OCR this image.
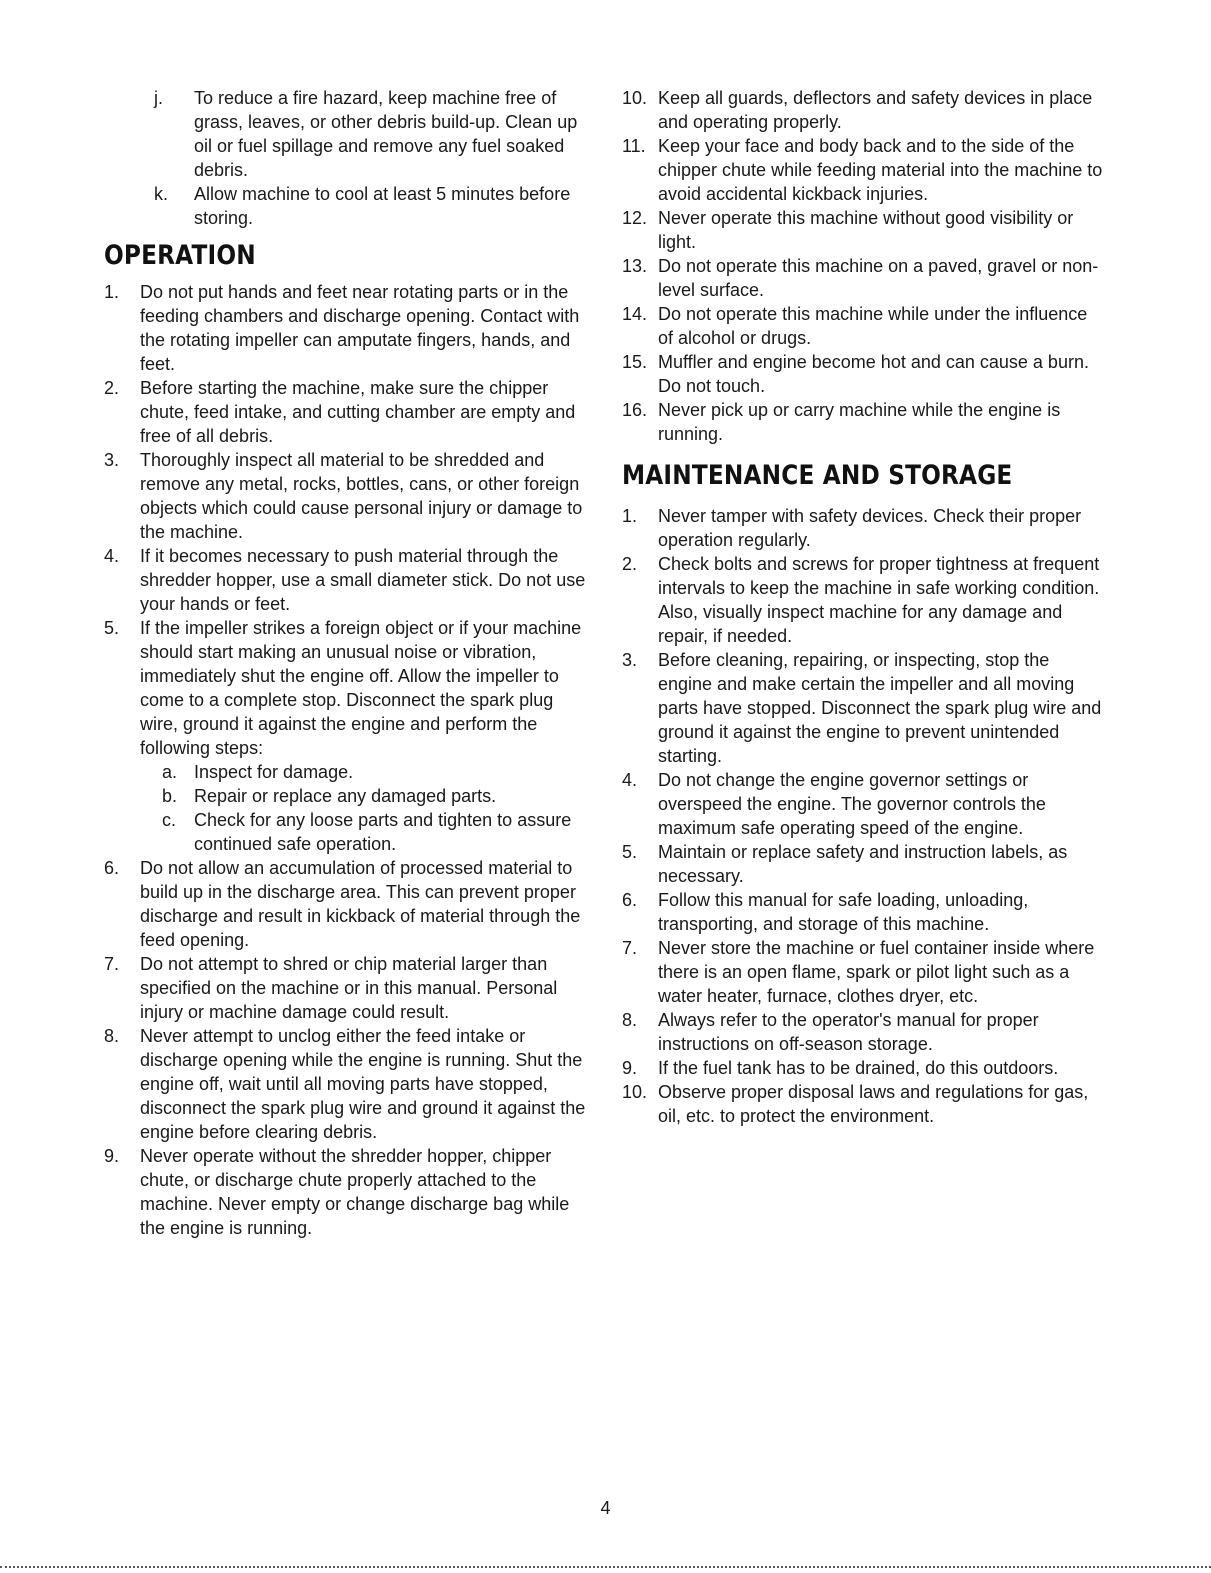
j. To reduce a fire hazard, keep machine free of grass, leaves, or other debris build-up. Clean up oil or fuel spillage and remove any fuel soaked debris.
k. Allow machine to cool at least 5 minutes before storing.
OPERATION
1. Do not put hands and feet near rotating parts or in the feeding chambers and discharge opening. Contact with the rotating impeller can amputate fingers, hands, and feet.
2. Before starting the machine, make sure the chipper chute, feed intake, and cutting chamber are empty and free of all debris.
3. Thoroughly inspect all material to be shredded and remove any metal, rocks, bottles, cans, or other foreign objects which could cause personal injury or damage to the machine.
4. If it becomes necessary to push material through the shredder hopper, use a small diameter stick. Do not use your hands or feet.
5. If the impeller strikes a foreign object or if your machine should start making an unusual noise or vibration, immediately shut the engine off. Allow the impeller to come to a complete stop. Disconnect the spark plug wire, ground it against the engine and perform the following steps:
a. Inspect for damage.
b. Repair or replace any damaged parts.
c. Check for any loose parts and tighten to assure continued safe operation.
6. Do not allow an accumulation of processed material to build up in the discharge area. This can prevent proper discharge and result in kickback of material through the feed opening.
7. Do not attempt to shred or chip material larger than specified on the machine or in this manual. Personal injury or machine damage could result.
8. Never attempt to unclog either the feed intake or discharge opening while the engine is running. Shut the engine off, wait until all moving parts have stopped, disconnect the spark plug wire and ground it against the engine before clearing debris.
9. Never operate without the shredder hopper, chipper chute, or discharge chute properly attached to the machine. Never empty or change discharge bag while the engine is running.
10. Keep all guards, deflectors and safety devices in place and operating properly.
11. Keep your face and body back and to the side of the chipper chute while feeding material into the machine to avoid accidental kickback injuries.
12. Never operate this machine without good visibility or light.
13. Do not operate this machine on a paved, gravel or non-level surface.
14. Do not operate this machine while under the influence of alcohol or drugs.
15. Muffler and engine become hot and can cause a burn. Do not touch.
16. Never pick up or carry machine while the engine is running.
MAINTENANCE AND STORAGE
1. Never tamper with safety devices. Check their proper operation regularly.
2. Check bolts and screws for proper tightness at frequent intervals to keep the machine in safe working condition. Also, visually inspect machine for any damage and repair, if needed.
3. Before cleaning, repairing, or inspecting, stop the engine and make certain the impeller and all moving parts have stopped. Disconnect the spark plug wire and ground it against the engine to prevent unintended starting.
4. Do not change the engine governor settings or overspeed the engine. The governor controls the maximum safe operating speed of the engine.
5. Maintain or replace safety and instruction labels, as necessary.
6. Follow this manual for safe loading, unloading, transporting, and storage of this machine.
7. Never store the machine or fuel container inside where there is an open flame, spark or pilot light such as a water heater, furnace, clothes dryer, etc.
8. Always refer to the operator's manual for proper instructions on off-season storage.
9. If the fuel tank has to be drained, do this outdoors.
10. Observe proper disposal laws and regulations for gas, oil, etc. to protect the environment.
4
